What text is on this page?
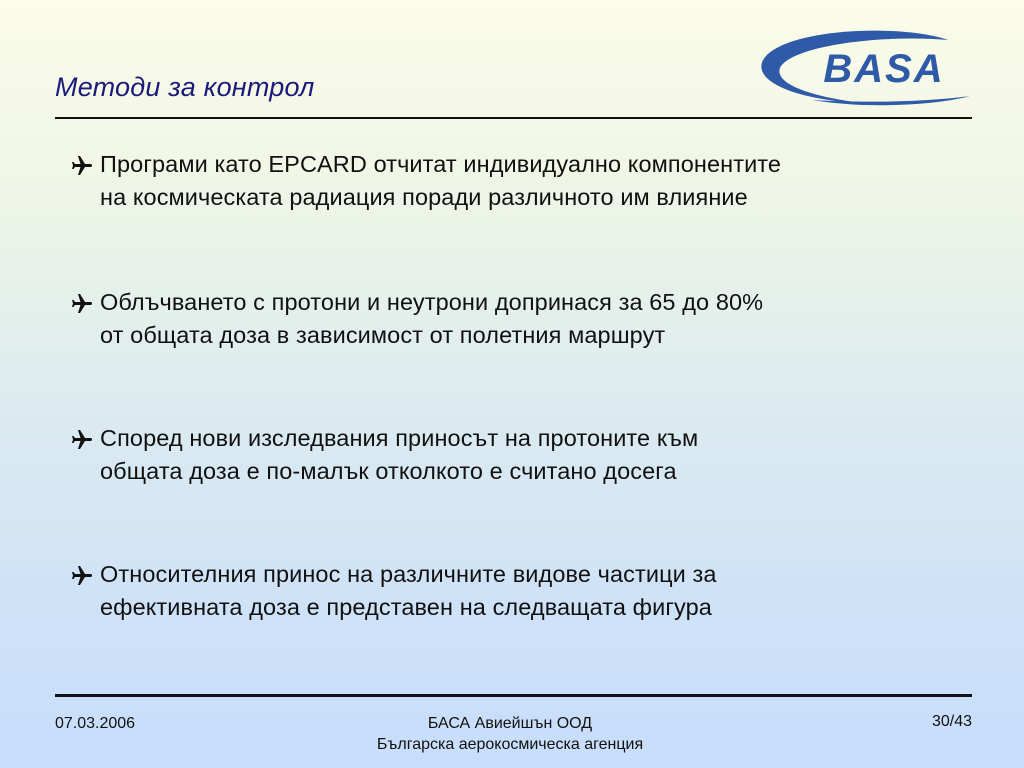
Методи за контрол	BASA
Програми като EPCARD отчитат индивидуално компонентите
на космическата радиация поради различното им влияние
Облъчването с протони и неутрони допринася за 65 до 80%
от общата доза в зависимост от полетния маршрут
Според нови изследвания приносът на протоните към
общата доза е по-малък отколкото е считано досега
Относителния принос на различните видове частици за
ефективната доза е представен на следващата фигура
07.03.2006	БАСА Авиейшън ООД
Българска аерокосмическа агенция
30/43
